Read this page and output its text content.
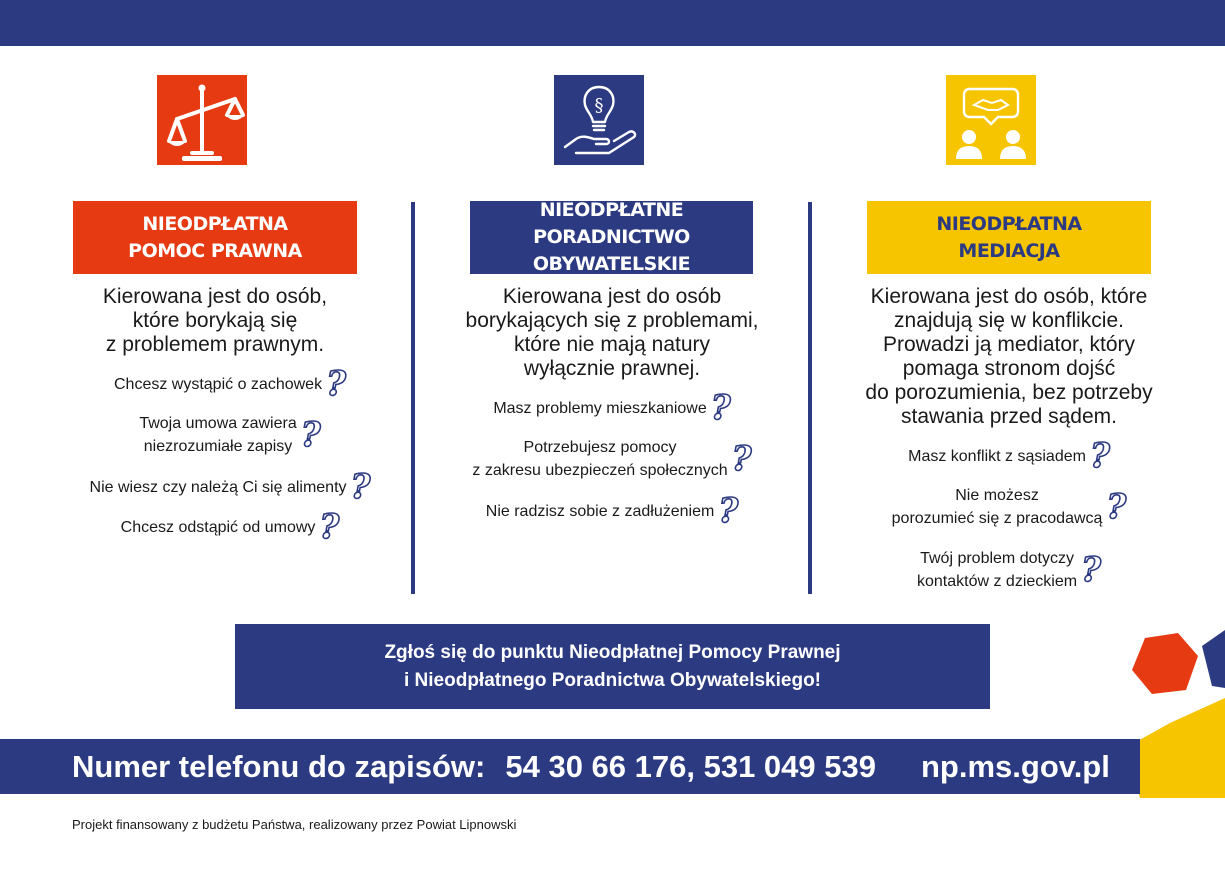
§
NIEODPŁATNA
POMOC PRAWNA
NIEODPŁATNE
PORADNICTWO OBYWATELSKIE
NIEODPŁATNA
MEDIACJA
Kierowana jest do osób,
które borykają się
z problemem prawnym.
Kierowana jest do osób
borykających się z problemami,
które nie mają natury
wyłącznie prawnej.
Kierowana jest do osób, które
znajdują się w konflikcie.
Prowadzi ją mediator, który
pomaga stronom dojść
do porozumienia, bez potrzeby
stawania przed sądem.
Chcesz wystąpić o zachowek ?
Twoja umowa zawiera
niezrozumiałe zapisy ?
Nie wiesz czy należą Ci się alimenty ?
Chcesz odstąpić od umowy ?
Masz problemy mieszkaniowe ?
Potrzebujesz pomocy
z zakresu ubezpieczeń społecznych ?
Nie radzisz sobie z zadłużeniem ?
Masz konflikt z sąsiadem ?
Nie możesz
porozumieć się z pracodawcą ?
Twój problem dotyczy
kontaktów z dzieckiem ?
Zgłoś się do punktu Nieodpłatnej Pomocy Prawnej
i Nieodpłatnego Poradnictwa Obywatelskiego!
Numer telefonu do zapisów: 54 30 66 176, 531 049 539 np.ms.gov.pl
Projekt finansowany z budżetu Państwa, realizowany przez Powiat Lipnowski
